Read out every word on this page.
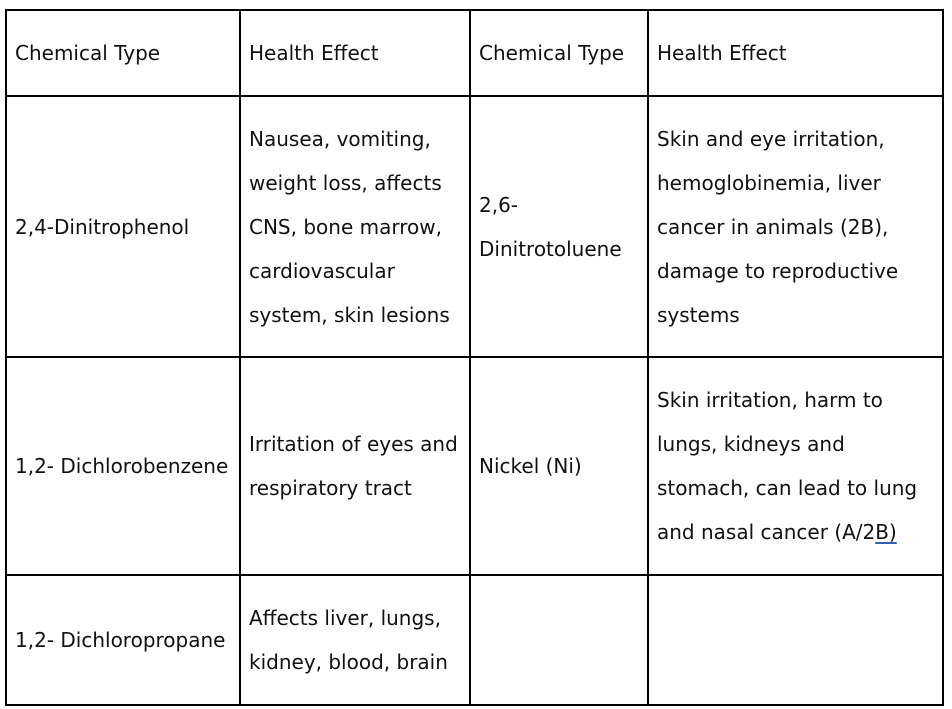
Chemical Type	Health Effect	Chemical Type	Health Effect
2,4-Dinitrophenol	Nausea, vomiting, weight loss, affects CNS, bone marrow, cardiovascular system, skin lesions	2,6-Dinitrotoluene	Skin and eye irritation, hemoglobinemia, liver cancer in animals (2B), damage to reproductive systems
1,2- Dichlorobenzene	Irritation of eyes and respiratory tract	Nickel (Ni)	Skin irritation, harm to lungs, kidneys and stomach, can lead to lung and nasal cancer (A/2B)
1,2- Dichloropropane	Affects liver, lungs, kidney, blood, brain		
